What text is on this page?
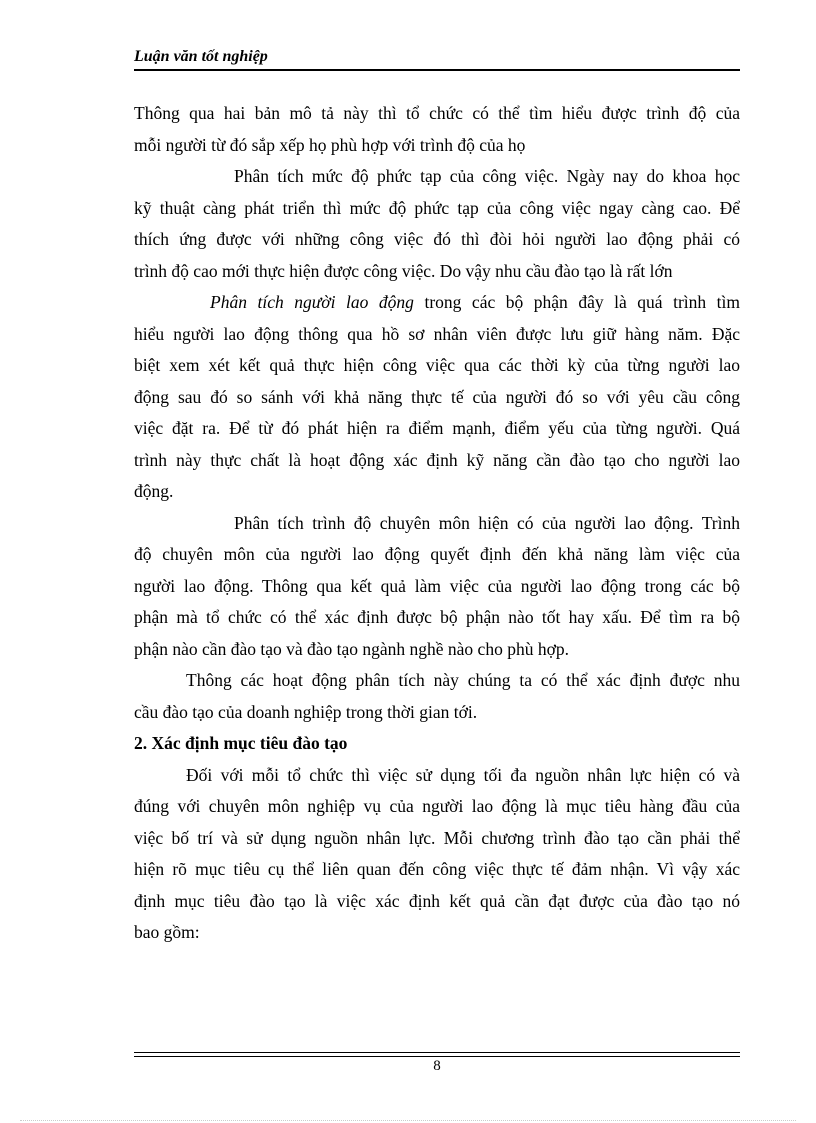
Luận văn tốt nghiệp
Thông qua hai bản mô tả này thì tổ chức có thể tìm hiểu được trình độ của
mỗi người từ đó sắp xếp họ phù hợp với trình độ của họ
Phân tích mức độ phức tạp của công việc. Ngày nay do khoa học
kỹ thuật càng phát triển thì mức độ phức tạp của công việc ngay càng cao. Để
thích ứng được với những công việc đó thì đòi hỏi người lao động phải có
trình độ cao mới thực hiện được công việc. Do vậy nhu cầu đào tạo là rất lớn
Phân tích người lao động trong các bộ phận đây là quá trình tìm
hiểu người lao động thông qua hồ sơ nhân viên được lưu giữ hàng năm. Đặc
biệt xem xét kết quả thực hiện công việc qua các thời kỳ của từng người lao
động sau đó so sánh với khả năng thực tế của người đó so với yêu cầu công
việc đặt ra. Để từ đó phát hiện ra điểm mạnh, điểm yếu của từng người. Quá
trình này thực chất là hoạt động xác định kỹ năng cần đào tạo cho người lao
động.
Phân tích trình độ chuyên môn hiện có của người lao động. Trình
độ chuyên môn của người lao động quyết định đến khả năng làm việc của
người lao động. Thông qua kết quả làm việc của người lao động trong các bộ
phận mà tổ chức có thể xác định được bộ phận nào tốt hay xấu. Để tìm ra bộ
phận nào cần đào tạo và đào tạo ngành nghề nào cho phù hợp.
Thông các hoạt động phân tích này chúng ta có thể xác định được nhu
cầu đào tạo của doanh nghiệp trong thời gian tới.
2. Xác định mục tiêu đào tạo
Đối với mỗi tổ chức thì việc sử dụng tối đa nguồn nhân lực hiện có và
đúng với chuyên môn nghiệp vụ của người lao động là mục tiêu hàng đầu của
việc bố trí và sử dụng nguồn nhân lực. Mỗi chương trình đào tạo cần phải thể
hiện rõ mục tiêu cụ thể liên quan đến công việc thực tế đảm nhận. Vì vậy xác
định mục tiêu đào tạo là việc xác định kết quả cần đạt được của đào tạo nó
bao gồm:
8
